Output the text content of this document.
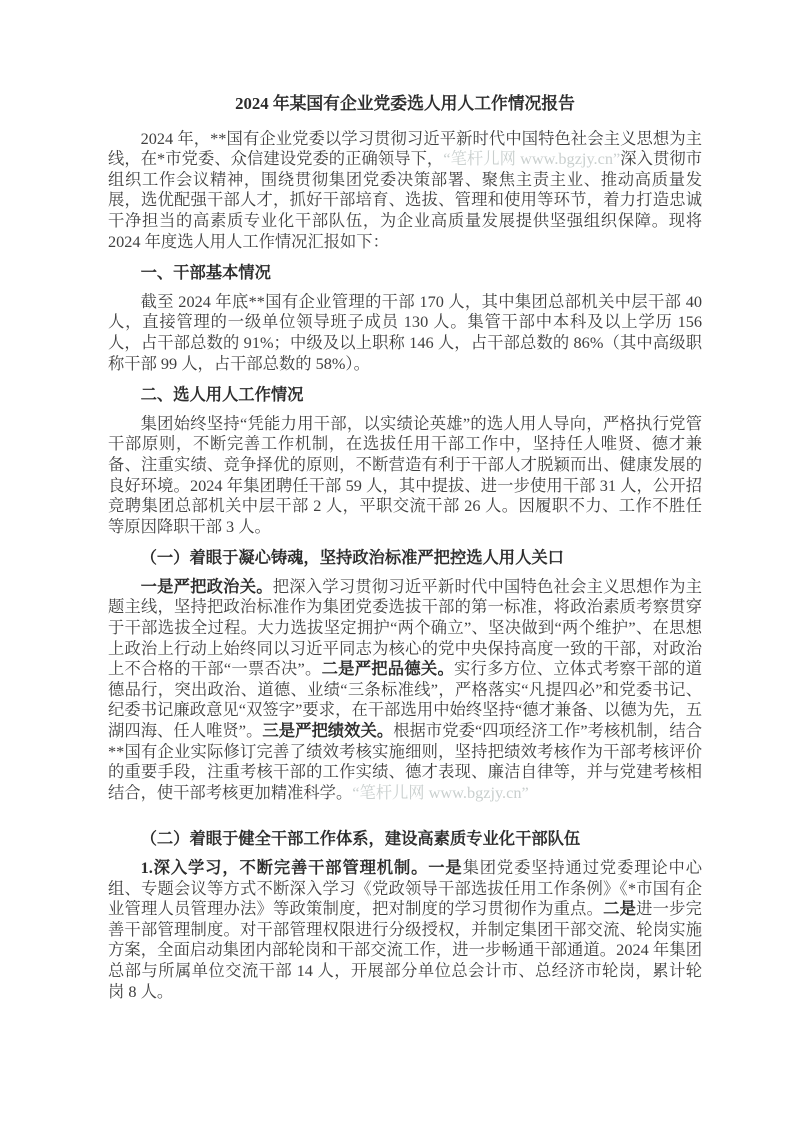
2024 年某国有企业党委选人用人工作情况报告
2024 年，**国有企业党委以学习贯彻习近平新时代中国特色社会主义思想为主线，在*市党委、众信建设党委的正确领导下，“笔杆儿网 www.bgzjy.cn”深入贯彻市组织工作会议精神，围绕贯彻集团党委决策部署、聚焦主责主业、推动高质量发展，选优配强干部人才，抓好干部培育、选拔、管理和使用等环节，着力打造忠诚干净担当的高素质专业化干部队伍，为企业高质量发展提供坚强组织保障。现将 2024 年度选人用人工作情况汇报如下：
一、干部基本情况
截至 2024 年底**国有企业管理的干部 170 人，其中集团总部机关中层干部 40 人，直接管理的一级单位领导班子成员 130 人。集管干部中本科及以上学历 156 人，占干部总数的 91%；中级及以上职称 146 人，占干部总数的 86%（其中高级职称干部 99 人，占干部总数的 58%）。
二、选人用人工作情况
集团始终坚持“凭能力用干部，以实绩论英雄”的选人用人导向，严格执行党管干部原则，不断完善工作机制，在选拔任用干部工作中，坚持任人唯贤、德才兼备、注重实绩、竞争择优的原则，不断营造有利于干部人才脱颖而出、健康发展的良好环境。2024 年集团聘任干部 59 人，其中提拔、进一步使用干部 31 人，公开招竞聘集团总部机关中层干部 2 人，平职交流干部 26 人。因履职不力、工作不胜任等原因降职干部 3 人。
（一）着眼于凝心铸魂，坚持政治标准严把控选人用人关口
一是严把政治关。把深入学习贯彻习近平新时代中国特色社会主义思想作为主题主线，坚持把政治标准作为集团党委选拔干部的第一标准，将政治素质考察贯穿于干部选拔全过程。大力选拔坚定拥护“两个确立”、坚决做到“两个维护”、在思想上政治上行动上始终同以习近平同志为核心的党中央保持高度一致的干部，对政治上不合格的干部“一票否决”。二是严把品德关。实行多方位、立体式考察干部的道德品行，突出政治、道德、业绩“三条标准线”，严格落实“凡提四必”和党委书记、纪委书记廉政意见“双签字”要求，在干部选用中始终坚持“德才兼备、以德为先，五湖四海、任人唯贤”。三是严把绩效关。根据市党委“四项经济工作”考核机制，结合**国有企业实际修订完善了绩效考核实施细则，坚持把绩效考核作为干部考核评价的重要手段，注重考核干部的工作实绩、德才表现、廉洁自律等，并与党建考核相结合，使干部考核更加精准科学。“笔杆儿网 www.bgzjy.cn”
（二）着眼于健全干部工作体系，建设高素质专业化干部队伍
1.深入学习，不断完善干部管理机制。一是集团党委坚持通过党委理论中心组、专题会议等方式不断深入学习《党政领导干部选拔任用工作条例》《*市国有企业管理人员管理办法》等政策制度，把对制度的学习贯彻作为重点。二是进一步完善干部管理制度。对干部管理权限进行分级授权，并制定集团干部交流、轮岗实施方案，全面启动集团内部轮岗和干部交流工作，进一步畅通干部通道。2024 年集团总部与所属单位交流干部 14 人，开展部分单位总会计市、总经济市轮岗，累计轮岗 8 人。
